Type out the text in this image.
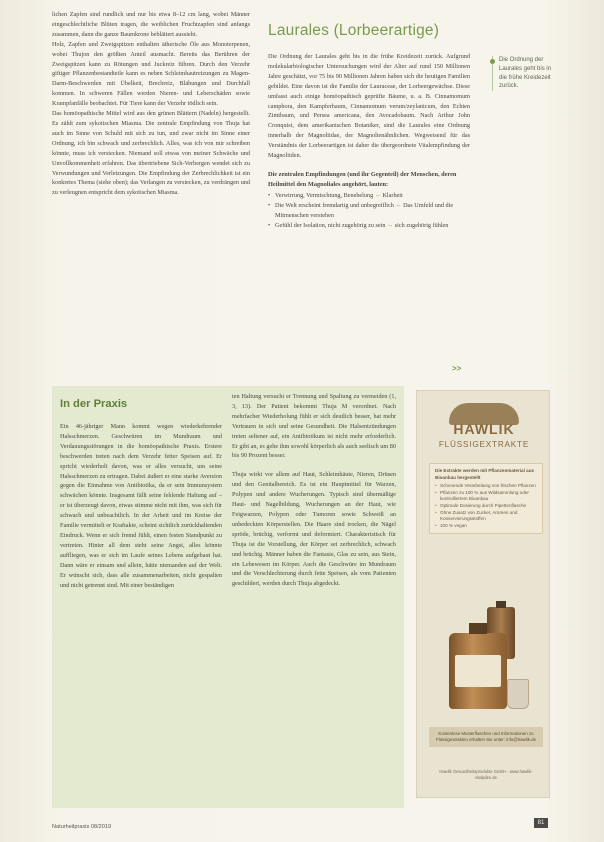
lichen Zapfen sind rundlich und nur bis etwa 8–12 cm lang, wobei Männer eingeschlechtliche Blüten tragen, die weiblichen Fruchtzapfen sind anfangs zusammen, dann die ganze Baumkrone beblättert aussieht.

Holz, Zapfen und Zweigspitzen enthalten ätherische Öle aus Monoterpenen, wobei Thujon den größten Anteil ausmacht. Bereits das Berühren der Zweigspitzen kann zu Rötungen und Juckreiz führen. Durch den Verzehr giftiger Pflanzenbestandteile kann es neben Schleimhautreizungen zu Magen-Darm-Beschwerden mit Übelkeit, Brechreiz, Blähungen und Durchfall kommen. In schweren Fällen werden Nieren- und Leberschäden sowie Krampfanfälle beobachtet. Für Tiere kann der Verzehr tödlich sein.

Das homöopathische Mittel wird aus den grünen Blättern (Nadeln) hergestellt. Es zählt zum sykotischen Miasma. Die zentrale Empfindung von Thuja hat auch im Sinne von Schuld mit sich zu tun, und zwar nicht im Sinne einer Ordnung, ich bin schwach und zerbrechlich. Alles, was ich von mir schreiben könnte, muss ich verstecken. Niemand soll etwas von meiner Schwäche und Unvollkommenheit erfahren. Das übertriebene Sich-Verbergen wendet sich zu Verwundungen und Verletzungen. Die Empfindung der Zerbrechlichkeit ist ein konkretes Thema (siehe oben); das Verlangen zu verstecken, zu verdrängen und zu verleugnen entspricht dem sykotischen Miasma.

Laurales (Lorbeerartige)

Die Ordnung der Laurales geht bis in die frühe Kreidezeit zurück. Aufgrund molekularbiologischer Untersuchungen wird der Alter auf rund 150 Millionen Jahre geschätzt, vor 75 bis 90 Millionen Jahren haben sich die heutigen Familien gebildet. Eine davon ist die Familie der Lauraceae, der Lorbeergewächse. Diese umfasst auch einige homöopathisch geprüfte Bäume, u. a. B. Cinnamomum camphora, den Kampferbaum, Cinnamomum verum/zeylanicum, den Echten Zimtbaum, und Persea americana, den Avocadobaum. Nach Arthur John Cronquist, dem amerikanischen Botaniker, sind die Laurales eine Ordnung innerhalb der Magnoliidae, der Magnolienähnlichen. Wegweisend für das Verständnis der Lorbeerartigen ist daher die übergeordnete Vitalempfindung der Magnoliiden.

Die zentralen Empfindungen (und ihr Gegenteil) der Menschen, deren Heilmittel den Magnoliales angehört, lauten:

• Verwirrung, Vermischtung, Benebelung ⇔ Klarheit
• Die Welt erscheint fremdartig und unbegreiflich ⇔ Das Umfeld und die Mitmenschen verstehen
• Gefühl der Isolation, nicht zugehörig zu sein ⇔ sich zugehörig fühlen
>>
Die Ordnung der Laurales geht bis in die frühe Kreidezeit zurück.
In der Praxis

Ein 46-jähriger Mann kommt wegen wiederkehrender Halsschmerzen. Geschwüren im Mundraum und Verdauungsstörungen in die homöopathische Praxis. Erstere beschwerden treten nach dem Verzehr fetter Speisen auf. Er spricht wiederholt davon, was er alles versucht, um seine Halsschmerzen zu ertragen. Dabei äußert er eine starke Aversion gegen die Einnahme von Antibiotika, da er sein Immunsystem schwächen könnte. Insgesamt fällt seine fehlende Haltung auf – er ist überzeugt davon, etwas stimme nicht mit ihm, was sich für schwach und unbeachtlich. In der Arbeit und im Kreise der Familie vermittelt er Kraftakte, scheint sichtlich zurückhaltenden Eindruck. Wenn er sich fremd fühlt, einen festen Standpunkt zu vertreten. Hinter all dem steht seine Angst, alles könnte auffliegen, was er sich im Laufe seines Lebens aufgebaut hat. Dann wäre er einsam und allein, hätte niemanden auf der Welt. Er wünscht sich, dass alle zusammenarbeiten, nicht gespalten und nicht getrennt sind. Mit einer beständigen

ten Haltung versucht er Trennung und Spaltung zu vermeiden (1, 3, 13). Der Patient bekommt Thuja M verordnet. Nach mehrfacher Wiederholung fühlt er sich deutlich besser, hat mehr Vertrauen in sich und seine Gesundheit. Die Halsentzündungen treten seltener auf, ein Antibiotikum ist nicht mehr erforderlich. Er gibt an, es gehe ihm sowohl körperlich als auch seelisch um 80 bis 90 Prozent besser.

Thuja wirkt vor allem auf Haut, Schleimhäute, Nieren, Drüsen und den Genitalbereich. Es ist ein Hauptmittel für Warzen, Polypen und andere Wucherungen. Typisch sind übermäßige Haut- und Nagelbildung, Wucherungen an der Haut, wie Feigwarzen, Polypen oder Tumoren sowie Schweiß an unbedeckten Körperstellen. Die Haare sind trocken, die Nägel spröde, brüchig, verformt und deformiert. Charakteristisch für Thuja ist die Vorstellung, der Körper sei zerbrechlich, schwach und brüchig. Männer haben die Fantasie, Glas zu sein, aus Stein, ein Lebewesen im Körper. Auch die Geschwüre im Mundraum und die Verschlechterung durch fette Speisen, als vom Patienten geschildert, werden durch Thuja abgedeckt.

HAWLIK
FLÜSSIGEXTRAKTE
Die Extrakte werden mit Pflanzenmaterial aus Bioanbau hergestellt
• Schonende Verarbeitung von frischen Pflanzen
• Pflanzen zu 100 % aus Wildsammlung oder kontrolliertem Bioanbau
• Optimale Dosierung durch Pipettenflasche
• Ohne Zusatz von Zucker, Aromen und Konservierungsstoffen
• 100 % vegan
Kostenlose Musterflaschen und Informationen zu Flüssigextrakten erhalten Sie unter: info@hawlik.de
Hawlik Gesundheitsprodukte GmbH · www.hawlik-vitalpilze.de
Naturheilpraxis 08/2019
81
